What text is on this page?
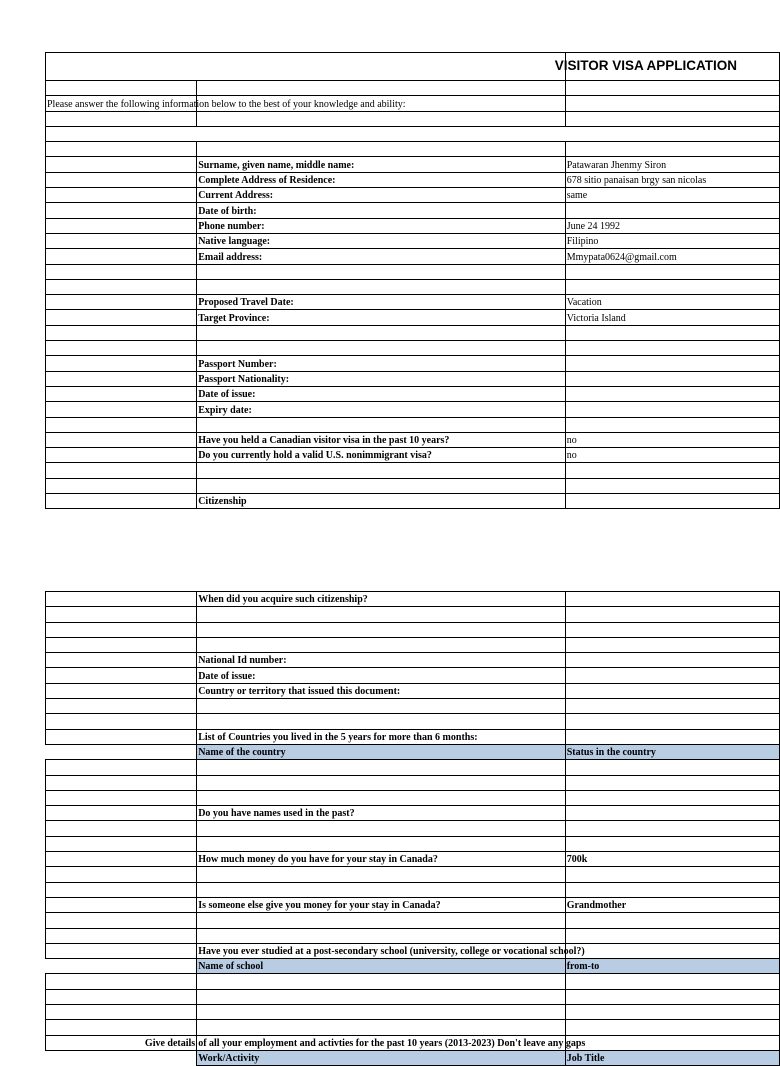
		VISITOR VISA APPLICATION

Please answer the following information below to the best of your knowledge and ability:		

	Surname, given name, middle name:	Patawaran Jhenmy Siron
	Complete Address of Residence:	678 sitio panaisan brgy san nicolas
	Current Address:	same
	Date of birth:	
	Phone number:	June 24 1992
	Native language:	Filipino
	Email address:	Mmypata0624@gmail.com

	Proposed Travel Date:	Vacation
	Target Province:	Victoria Island

	Passport Number:	
	Passport Nationality:	
	Date of issue:	
	Expiry date:	

	Have you held a Canadian visitor visa in the past 10 years?	no
	Do you currently hold a valid U.S. nonimmigrant visa?	no

	Citizenship	
	When did you acquire such citizenship?	

	National Id number:	
	Date of issue:	
	Country or territory that issued this document:	

	List of Countries you lived in the 5 years for more than 6 months:	
	Name of the country	Status in the country

	Do you have names used in the past?	

	How much money do you have for your stay in Canada?	700k

	Is someone else give you money for your stay in Canada?	Grandmother

	Have you ever studied at a post-secondary school (university, college or vocational school?)	
	Name of school	from-to

Give details	of all your employment and activties for the past 10 years (2013-2023) Don't leave any gaps	
	Work/Activity	Job Title
